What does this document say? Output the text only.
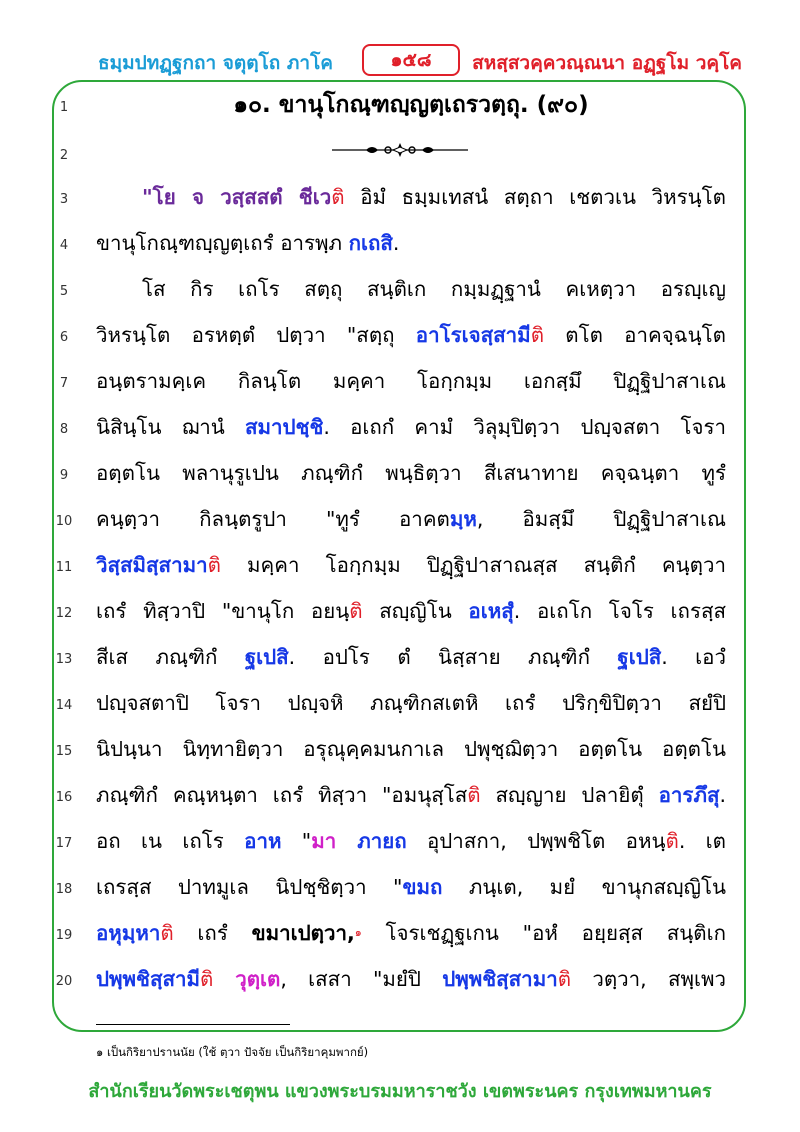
ธมฺมปทฏฺฐกถา จตุตฺโถ ภาโค	๑๕๘	สหสฺสวคฺควณฺณนา อฏฺฐโม วคฺโค
1	๑๐. ขานุโกณฺฑญฺญตฺเถรวตฺถุ. (๙๐)
2
3	"โย จ วสฺสสตํ ชีเวติ อิมํ ธมฺมเทสนํ สตฺถา เชตวเน วิหรนฺโต
4	ขานุโกณฺฑญฺญตฺเถรํ อารพฺภ กเถสิ.
5	โส กิร เถโร สตฺถุ สนฺติเก กมฺมฏฺฐานํ คเหตฺวา อรญฺเญ
6	วิหรนฺโต อรหตฺตํ ปตฺวา "สตฺถุ อาโรเจสฺสามีติ ตโต อาคจฺฉนฺโต
7	อนฺตรามคฺเค กิลนฺโต มคฺคา โอกฺกมฺม เอกสฺมึ ปิฏฺฐิปาสาเณ
8	นิสินฺโน ฌานํ สมาปชฺชิ. อเถกํ คามํ วิลุมฺปิตฺวา ปญฺจสตา โจรา
9	อตฺตโน พลานุรูเปน ภณฺฑิกํ พนฺธิตฺวา สีเสนาทาย คจฺฉนฺตา ทูรํ
10 คนฺตฺวา กิลนฺตรูปา "ทูรํ อาคตมฺห, อิมสฺมึ ปิฏฺฐิปาสาเณ
11 วิสฺสมิสฺสามาติ มคฺคา โอกฺกมฺม ปิฏฺฐิปาสาณสฺส สนฺติกํ คนฺตฺวา
12 เถรํ ทิสฺวาปิ "ขานุโก อยนฺติ สญฺญิโน อเหสุํ. อเถโก โจโร เถรสฺส
13 สีเส ภณฺฑิกํ ฐเปสิ. อปโร ตํ นิสฺสาย ภณฺฑิกํ ฐเปสิ. เอวํ
14 ปญฺจสตาปิ โจรา ปญฺจหิ ภณฺฑิกสเตหิ เถรํ ปริกฺขิปิตฺวา สยํปิ
15 นิปนฺนา นิทฺทายิตฺวา อรุณุคฺคมนกาเล ปพุชฺฌิตฺวา อตฺตโน อตฺตโน
16 ภณฺฑิกํ คณฺหนฺตา เถรํ ทิสฺวา "อมนุสฺโสติ สญฺญาย ปลายิตุํ อารภึสุ.
17 อถ เน เถโร อาห "มา ภายถ อุปาสกา, ปพฺพชิโต อหนฺติ. เต
18 เถรสฺส ปาทมูเล นิปชฺชิตฺวา "ขมถ ภนฺเต, มยํ ขานุกสญฺญิโน
19 อหุมฺหาติ เถรํ ขมาเปตฺวา,$^๑$ โจรเชฏฺฐเกน "อหํ อยฺยสฺส สนฺติเก
20 ปพฺพชิสฺสามีติ วุตฺเต, เสสา "มยํปิ ปพฺพชิสฺสามาติ วตฺวา, สพฺเพว
๑ เป็นกิริยาปรานนัย (ใช้ ตฺวา ปัจจัย เป็นกิริยาคุมพากย์)
สำนักเรียนวัดพระเชตุพน แขวงพระบรมมหาราชวัง เขตพระนคร กรุงเทพมหานคร
